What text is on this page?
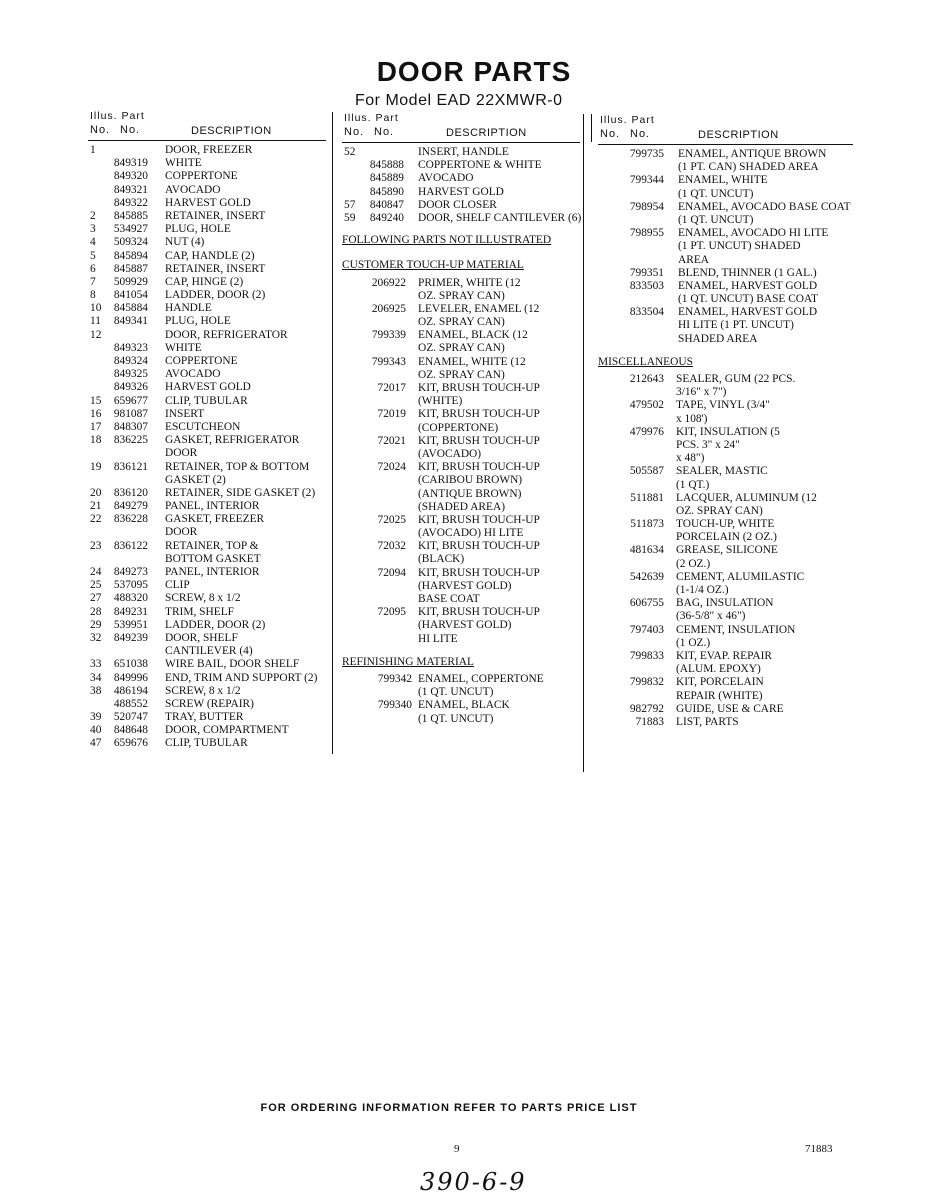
DOOR PARTS
For Model EAD 22XMWR-0
Illus. Part
No. No.	DESCRIPTION
1	DOOR, FREEZER
849319 WHITE
849320 COPPERTONE
849321 AVOCADO
849322 HARVEST GOLD
2	845885 RETAINER, INSERT
3	534927 PLUG, HOLE
4	509324 NUT (4)
5	845894 CAP, HANDLE (2)
6	845887 RETAINER, INSERT
7	509929 CAP, HINGE (2)
8	841054 LADDER, DOOR (2)
10	845884 HANDLE
11	849341 PLUG, HOLE
12	DOOR, REFRIGERATOR
849323 WHITE
849324 COPPERTONE
849325 AVOCADO
849326 HARVEST GOLD
15	659677 CLIP, TUBULAR
16	981087 INSERT
17	848307 ESCUTCHEON
18	836225 GASKET, REFRIGERATOR
DOOR
19	836121 RETAINER, TOP & BOTTOM
GASKET (2)
20	836120 RETAINER, SIDE GASKET (2)
21	849279 PANEL, INTERIOR
22	836228 GASKET, FREEZER
DOOR
23	836122 RETAINER, TOP &
BOTTOM GASKET
24	849273 PANEL, INTERIOR
25	537095 CLIP
27	488320 SCREW, 8 x 1/2
28	849231 TRIM, SHELF
29	539951 LADDER, DOOR (2)
32	849239 DOOR, SHELF
CANTILEVER (4)
33	651038 WIRE BAIL, DOOR SHELF
34	849996 END, TRIM AND SUPPORT (2)
38	486194 SCREW, 8 x 1/2
488552 SCREW (REPAIR)
39	520747 TRAY, BUTTER
40	848648 DOOR, COMPARTMENT
47	659676 CLIP, TUBULAR
Illus. Part
No. No.	DESCRIPTION
52	INSERT, HANDLE
845888 COPPERTONE & WHITE
845889 AVOCADO
845890 HARVEST GOLD
57	840847 DOOR CLOSER
59	849240 DOOR, SHELF CANTILEVER (6)
FOLLOWING PARTS NOT ILLUSTRATED
CUSTOMER TOUCH-UP MATERIAL
206922 PRIMER, WHITE (12
OZ. SPRAY CAN)
206925 LEVELER, ENAMEL (12
OZ. SPRAY CAN)
799339 ENAMEL, BLACK (12
OZ. SPRAY CAN)
799343 ENAMEL, WHITE (12
OZ. SPRAY CAN)
72017 KIT, BRUSH TOUCH-UP
(WHITE)
72019 KIT, BRUSH TOUCH-UP
(COPPERTONE)
72021 KIT, BRUSH TOUCH-UP
(AVOCADO)
72024 KIT, BRUSH TOUCH-UP
(CARIBOU BROWN)
(ANTIQUE BROWN)
(SHADED AREA)
72025 KIT, BRUSH TOUCH-UP
(AVOCADO) HI LITE
72032 KIT, BRUSH TOUCH-UP
(BLACK)
72094 KIT, BRUSH TOUCH-UP
(HARVEST GOLD)
BASE COAT
72095 KIT, BRUSH TOUCH-UP
(HARVEST GOLD)
HI LITE
REFINISHING MATERIAL
799342 ENAMEL, COPPERTONE
(1 QT. UNCUT)
799340 ENAMEL, BLACK
(1 QT. UNCUT)
Illus. Part
No. No.	DESCRIPTION
799735 ENAMEL, ANTIQUE BROWN
(1 PT. CAN) SHADED AREA
799344 ENAMEL, WHITE
(1 QT. UNCUT)
798954 ENAMEL, AVOCADO BASE COAT
(1 QT. UNCUT)
798955 ENAMEL, AVOCADO HI LITE
(1 PT. UNCUT) SHADED
AREA
799351 BLEND, THINNER (1 GAL.)
833503 ENAMEL, HARVEST GOLD
(1 QT. UNCUT) BASE COAT
833504 ENAMEL, HARVEST GOLD
HI LITE (1 PT. UNCUT)
SHADED AREA
MISCELLANEOUS
212643 SEALER, GUM (22 PCS.
3/16" x 7")
479502 TAPE, VINYL (3/4"
x 108')
479976 KIT, INSULATION (5
PCS. 3" x 24"
x 48")
505587 SEALER, MASTIC
(1 QT.)
511881 LACQUER, ALUMINUM (12
OZ. SPRAY CAN)
511873 TOUCH-UP, WHITE
PORCELAIN (2 OZ.)
481634 GREASE, SILICONE
(2 OZ.)
542639 CEMENT, ALUMILASTIC
(1-1/4 OZ.)
606755 BAG, INSULATION
(36-5/8" x 46")
797403 CEMENT, INSULATION
(1 OZ.)
799833 KIT, EVAP. REPAIR
(ALUM. EPOXY)
799832 KIT, PORCELAIN
REPAIR (WHITE)
982792 GUIDE, USE & CARE
71883 LIST, PARTS
FOR ORDERING INFORMATION REFER TO PARTS PRICE LIST
9	71883
390-6-9
